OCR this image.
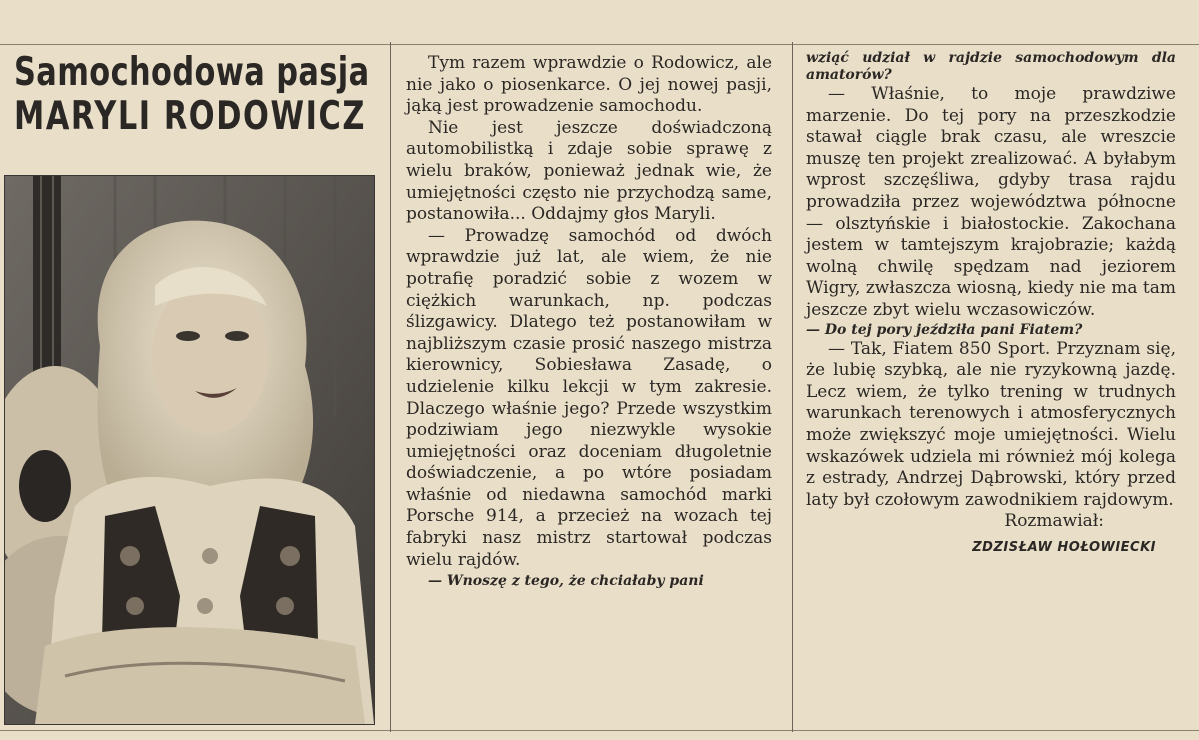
Samochodowa pasja
MARYLI RODOWICZ

Tym razem wprawdzie o Rodowicz, ale nie jako o piosenkarce. O jej nowej pasji, jąką jest prowadzenie samochodu.

Nie jest jeszcze doświadczoną automobilistką i zdaje sobie sprawę z wielu braków, ponieważ jednak wie, że umiejętności często nie przychodzą same, postanowiła... Oddajmy głos Maryli.

— Prowadzę samochód od dwóch wprawdzie już lat, ale wiem, że nie potrafię poradzić sobie z wozem w ciężkich warunkach, np. podczas ślizgawicy. Dlatego też postanowiłam w najbliższym czasie prosić naszego mistrza kierownicy, Sobiesława Zasadę, o udzielenie kilku lekcji w tym zakresie. Dlaczego właśnie jego? Przede wszystkim podziwiam jego niezwykle wysokie umiejętności oraz doceniam długoletnie doświadczenie, a po wtóre posiadam właśnie od niedawna samochód marki Porsche 914, a przecież na wozach tej fabryki nasz mistrz startował podczas wielu rajdów.

— Wnoszę z tego, że chciałaby pani

wziąć udział w rajdzie samochodowym dla amatorów?

— Właśnie, to moje prawdziwe marzenie. Do tej pory na przeszkodzie stawał ciągle brak czasu, ale wreszcie muszę ten projekt zrealizować. A byłabym wprost szczęśliwa, gdyby trasa rajdu prowadziła przez województwa północne — olsztyńskie i białostockie. Zakochana jestem w tamtejszym krajobrazie; każdą wolną chwilę spędzam nad jeziorem Wigry, zwłaszcza wiosną, kiedy nie ma tam jeszcze zbyt wielu wczasowiczów.

— Do tej pory jeździła pani Fiatem?

— Tak, Fiatem 850 Sport. Przyznam się, że lubię szybką, ale nie ryzykowną jazdę. Lecz wiem, że tylko trening w trudnych warunkach terenowych i atmosferycznych może zwiększyć moje umiejętności. Wielu wskazówek udziela mi również mój kolega z estrady, Andrzej Dąbrowski, który przed laty był czołowym zawodnikiem rajdowym.

Rozmawiał:
ZDZISŁAW HOŁOWIECKI
